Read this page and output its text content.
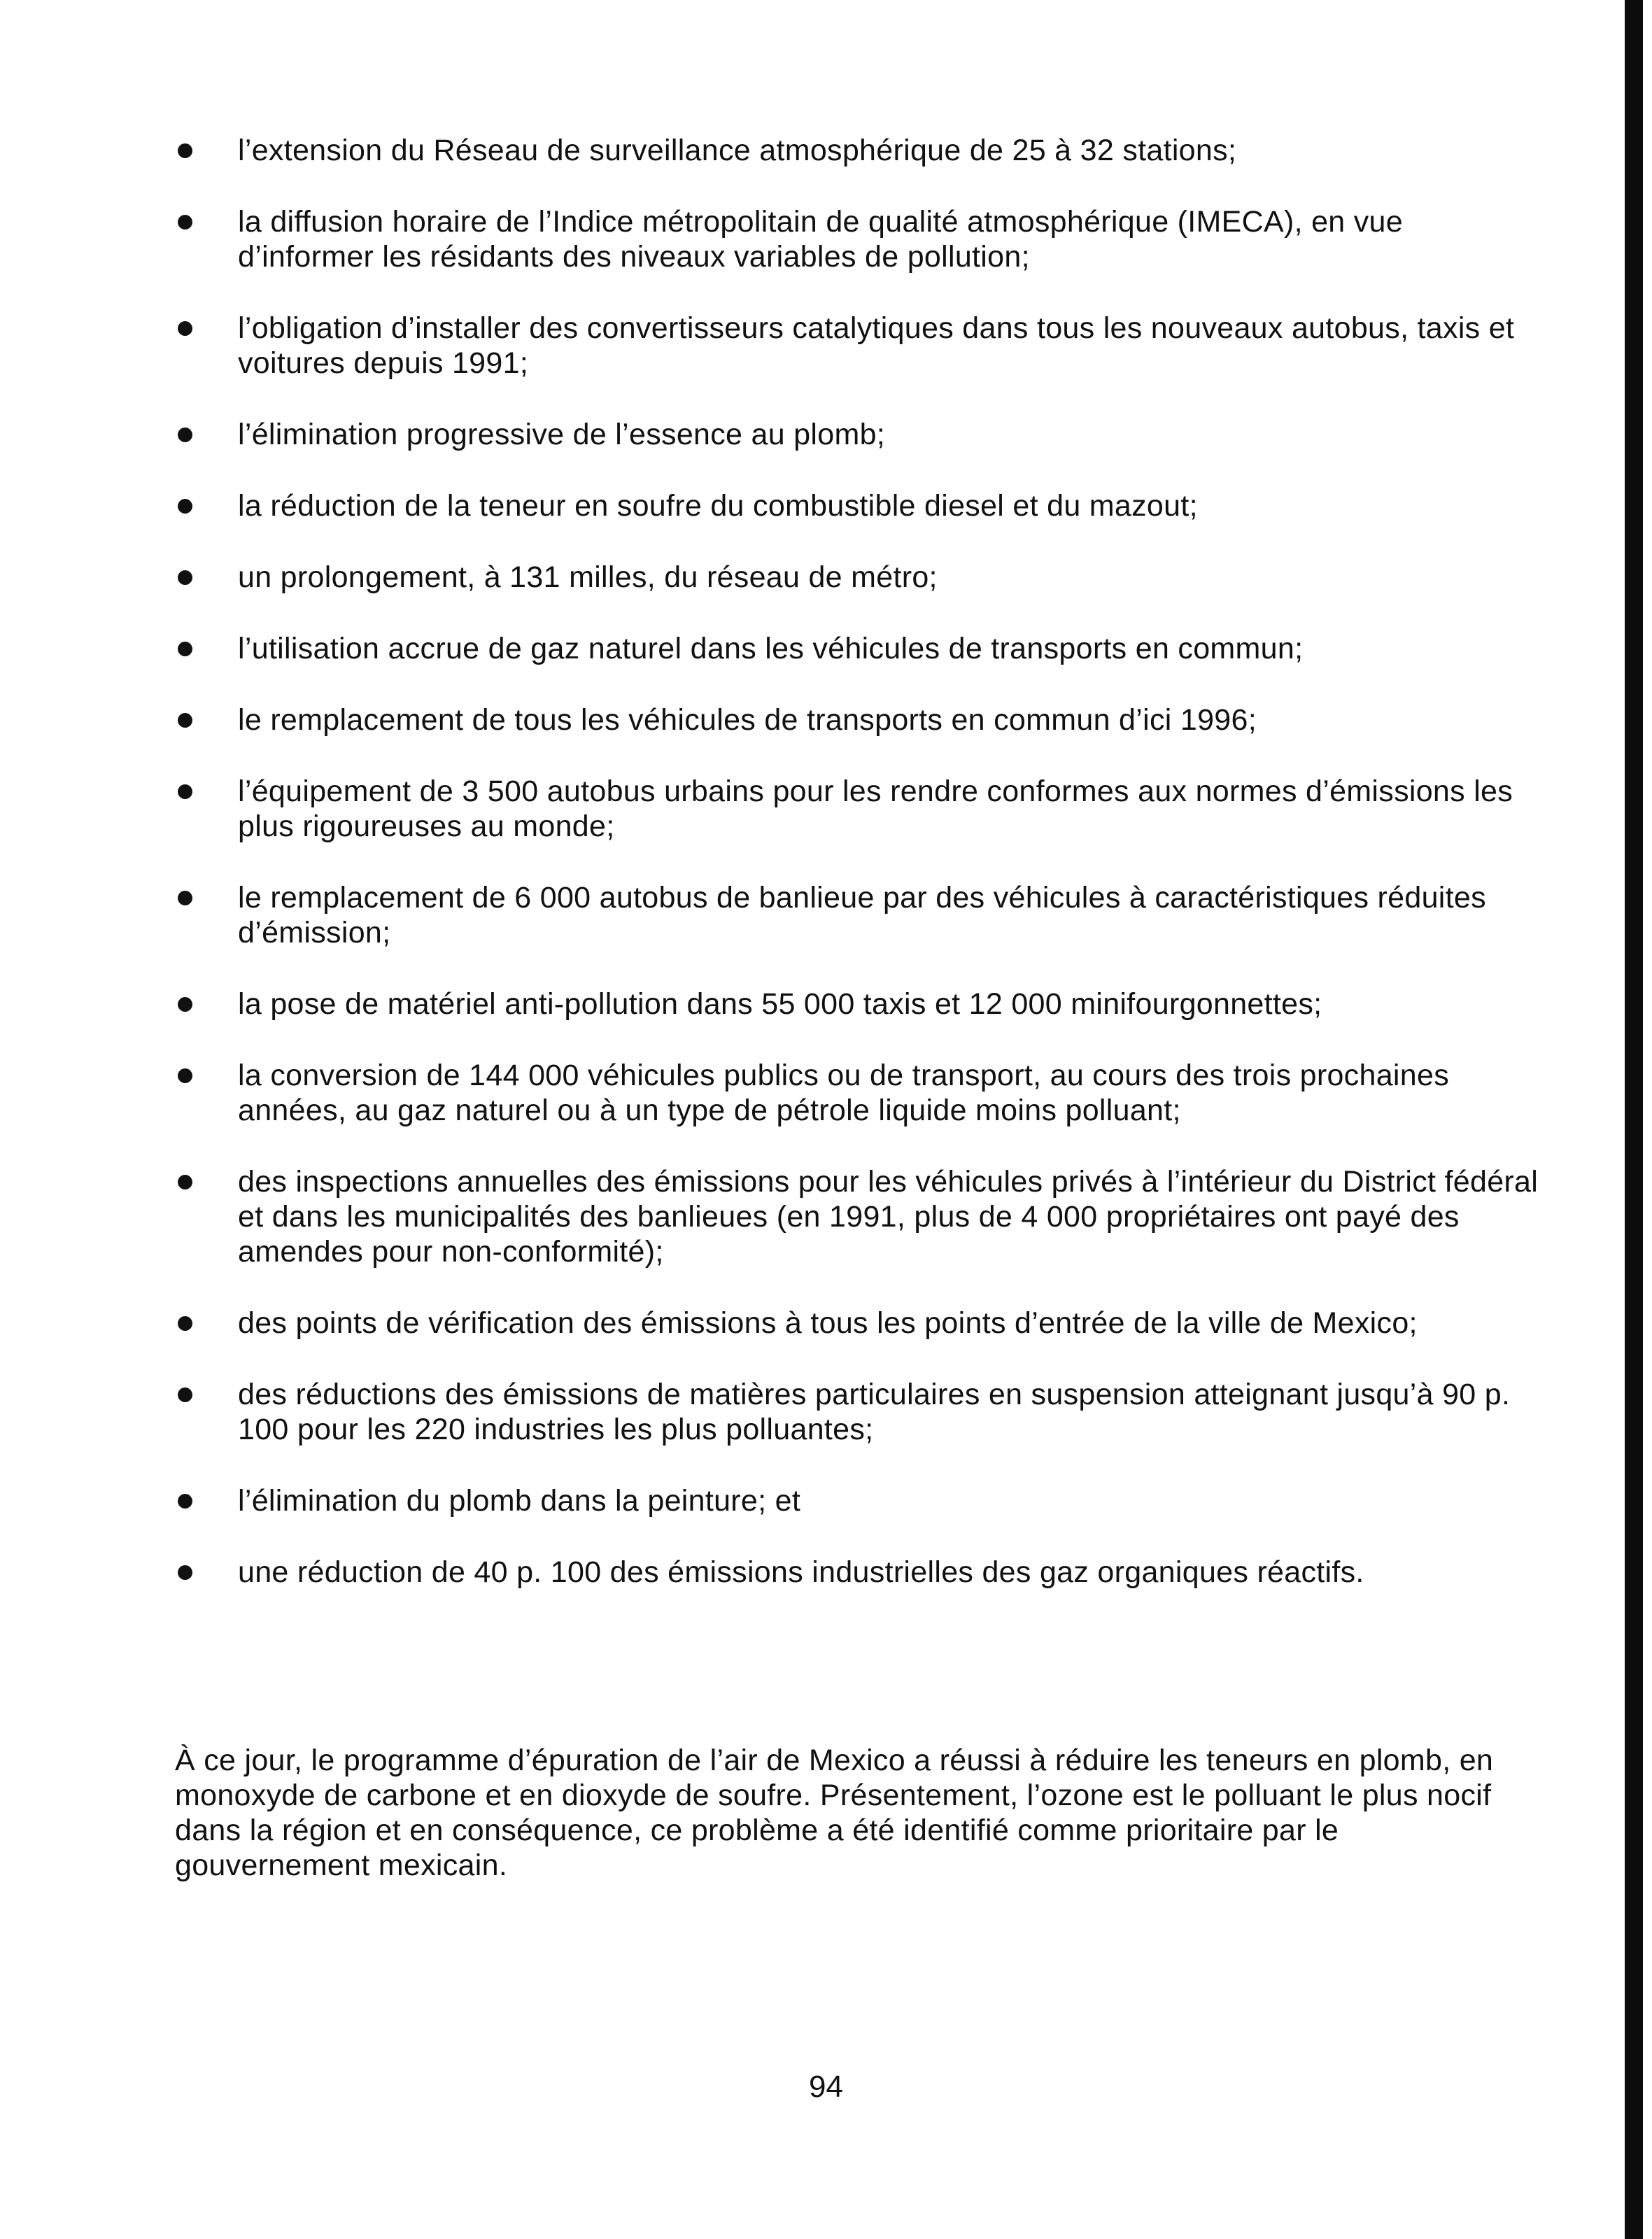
l’extension du Réseau de surveillance atmosphérique de 25 à 32 stations;
la diffusion horaire de l’Indice métropolitain de qualité atmosphérique (IMECA), en vue d’informer les résidants des niveaux variables de pollution;
l’obligation d’installer des convertisseurs catalytiques dans tous les nouveaux autobus, taxis et voitures depuis 1991;
l’élimination progressive de l’essence au plomb;
la réduction de la teneur en soufre du combustible diesel et du mazout;
un prolongement, à 131 milles, du réseau de métro;
l’utilisation accrue de gaz naturel dans les véhicules de transports en commun;
le remplacement de tous les véhicules de transports en commun d’ici 1996;
l’équipement de 3 500 autobus urbains pour les rendre conformes aux normes d’émissions les plus rigoureuses au monde;
le remplacement de 6 000 autobus de banlieue par des véhicules à caractéristiques réduites d’émission;
la pose de matériel anti-pollution dans 55 000 taxis et 12 000 minifourgonnettes;
la conversion de 144 000 véhicules publics ou de transport, au cours des trois prochaines années, au gaz naturel ou à un type de pétrole liquide moins polluant;
des inspections annuelles des émissions pour les véhicules privés à l’intérieur du District fédéral et dans les municipalités des banlieues (en 1991, plus de 4 000 propriétaires ont payé des amendes pour non-conformité);
des points de vérification des émissions à tous les points d’entrée de la ville de Mexico;
des réductions des émissions de matières particulaires en suspension atteignant jusqu’à 90 p. 100 pour les 220 industries les plus polluantes;
l’élimination du plomb dans la peinture; et
une réduction de 40 p. 100 des émissions industrielles des gaz organiques réactifs.

À ce jour, le programme d’épuration de l’air de Mexico a réussi à réduire les teneurs en plomb, en monoxyde de carbone et en dioxyde de soufre. Présentement, l’ozone est le polluant le plus nocif dans la région et en conséquence, ce problème a été identifié comme prioritaire par le gouvernement mexicain.

94
